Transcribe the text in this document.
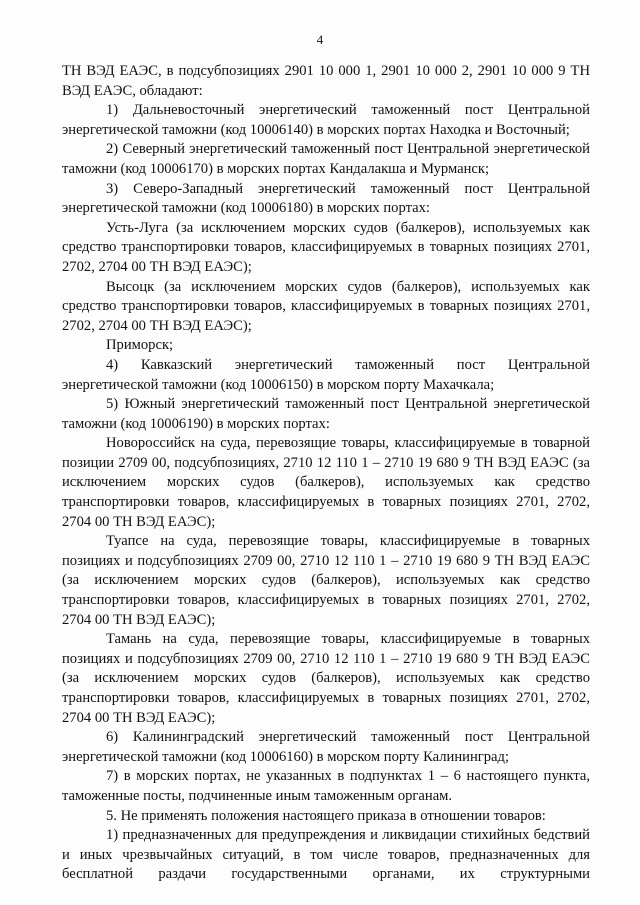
4

ТН ВЭД ЕАЭС, в подсубпозициях 2901 10 000 1, 2901 10 000 2, 2901 10 000 9 ТН ВЭД ЕАЭС, обладают:

1) Дальневосточный энергетический таможенный пост Центральной энергетической таможни (код 10006140) в морских портах Находка и Восточный;

2) Северный энергетический таможенный пост Центральной энергетической таможни (код 10006170) в морских портах Кандалакша и Мурманск;

3) Северо-Западный энергетический таможенный пост Центральной энергетической таможни (код 10006180) в морских портах:

Усть-Луга (за исключением морских судов (балкеров), используемых как средство транспортировки товаров, классифицируемых в товарных позициях 2701, 2702, 2704 00 ТН ВЭД ЕАЭС);

Высоцк (за исключением морских судов (балкеров), используемых как средство транспортировки товаров, классифицируемых в товарных позициях 2701, 2702, 2704 00 ТН ВЭД ЕАЭС);

Приморск;

4) Кавказский энергетический таможенный пост Центральной энергетической таможни (код 10006150) в морском порту Махачкала;

5) Южный энергетический таможенный пост Центральной энергетической таможни (код 10006190) в морских портах:

Новороссийск на суда, перевозящие товары, классифицируемые в товарной позиции 2709 00, подсубпозициях, 2710 12 110 1 – 2710 19 680 9 ТН ВЭД ЕАЭС (за исключением морских судов (балкеров), используемых как средство транспортировки товаров, классифицируемых в товарных позициях 2701, 2702, 2704 00 ТН ВЭД ЕАЭС);

Туапсе на суда, перевозящие товары, классифицируемые в товарных позициях и подсубпозициях 2709 00, 2710 12 110 1 – 2710 19 680 9 ТН ВЭД ЕАЭС (за исключением морских судов (балкеров), используемых как средство транспортировки товаров, классифицируемых в товарных позициях 2701, 2702, 2704 00 ТН ВЭД ЕАЭС);

Тамань на суда, перевозящие товары, классифицируемые в товарных позициях и подсубпозициях 2709 00, 2710 12 110 1 – 2710 19 680 9 ТН ВЭД ЕАЭС (за исключением морских судов (балкеров), используемых как средство транспортировки товаров, классифицируемых в товарных позициях 2701, 2702, 2704 00 ТН ВЭД ЕАЭС);

6) Калининградский энергетический таможенный пост Центральной энергетической таможни (код 10006160) в морском порту Калининград;

7) в морских портах, не указанных в подпунктах 1 – 6 настоящего пункта, таможенные посты, подчиненные иным таможенным органам.

5. Не применять положения настоящего приказа в отношении товаров:

1) предназначенных для предупреждения и ликвидации стихийных бедствий и иных чрезвычайных ситуаций, в том числе товаров, предназначенных для бесплатной раздачи государственными органами, их структурными
